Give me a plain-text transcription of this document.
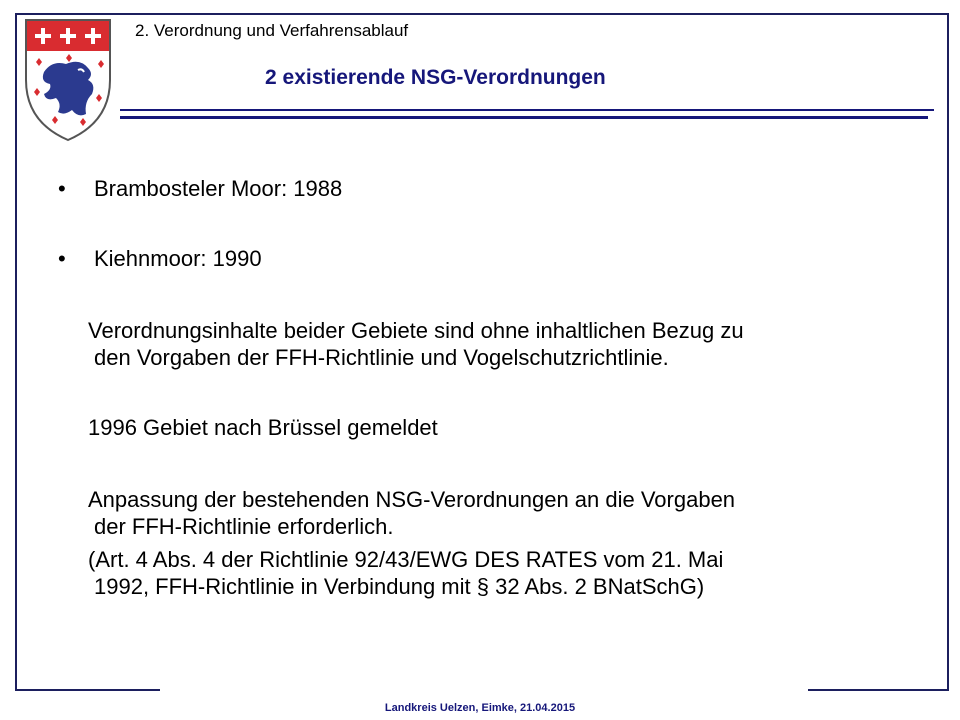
2. Verordnung und Verfahrensablauf
2 existierende NSG-Verordnungen
• Brambosteler Moor: 1988
• Kiehnmoor: 1990
Verordnungsinhalte beider Gebiete sind ohne inhaltlichen Bezug zu
den Vorgaben der FFH-Richtlinie und Vogelschutzrichtlinie.
1996 Gebiet nach Brüssel gemeldet
Anpassung der bestehenden NSG-Verordnungen an die Vorgaben
der FFH-Richtlinie erforderlich.
(Art. 4 Abs. 4 der Richtlinie 92/43/EWG DES RATES vom 21. Mai
1992, FFH-Richtlinie in Verbindung mit § 32 Abs. 2 BNatSchG)
Landkreis Uelzen, Eimke, 21.04.2015
